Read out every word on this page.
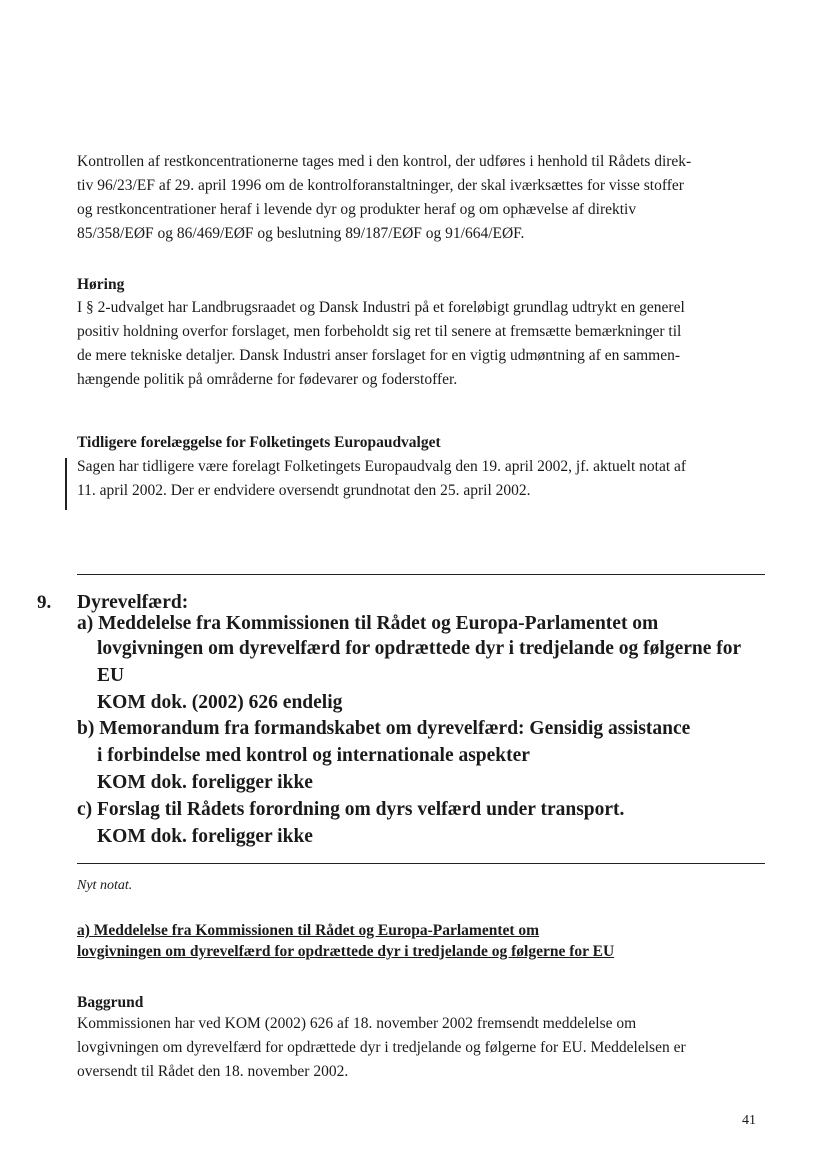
Kontrollen af restkoncentrationerne tages med i den kontrol, der udføres i henhold til Rådets direk-
tiv 96/23/EF af 29. april 1996 om de kontrolforanstaltninger, der skal iværksættes for visse stoffer
og restkoncentrationer heraf i levende dyr og produkter heraf og om ophævelse af direktiv
85/358/EØF og 86/469/EØF og beslutning 89/187/EØF og 91/664/EØF.
Høring
I § 2-udvalget har Landbrugsraadet og Dansk Industri på et foreløbigt grundlag udtrykt en generel
positiv holdning overfor forslaget, men forbeholdt sig ret til senere at fremsætte bemærkninger til
de mere tekniske detaljer. Dansk Industri anser forslaget for en vigtig udmøntning af en sammen-
hængende politik på områderne for fødevarer og foderstoffer.
Tidligere forelæggelse for Folketingets Europaudvalget
Sagen har tidligere være forelagt Folketingets Europaudvalg den 19. april 2002, jf. aktuelt notat af
11. april 2002. Der er endvidere oversendt grundnotat den 25. april 2002.
9. Dyrevelfærd:
a) Meddelelse fra Kommissionen til Rådet og Europa-Parlamentet om
lovgivningen om dyrevelfærd for opdrættede dyr i tredjelande og følgerne for
EU
KOM dok. (2002) 626 endelig
b) Memorandum fra formandskabet om dyrevelfærd: Gensidig assistance
i forbindelse med kontrol og internationale aspekter
KOM dok. foreligger ikke
c) Forslag til Rådets forordning om dyrs velfærd under transport.
KOM dok. foreligger ikke
Nyt notat.
a) Meddelelse fra Kommissionen til Rådet og Europa-Parlamentet om
lovgivningen om dyrevelfærd for opdrættede dyr i tredjelande og følgerne for EU
Baggrund
Kommissionen har ved KOM (2002) 626 af 18. november 2002 fremsendt meddelelse om
lovgivningen om dyrevelfærd for opdrættede dyr i tredjelande og følgerne for EU. Meddelelsen er
oversendt til Rådet den 18. november 2002.
41
